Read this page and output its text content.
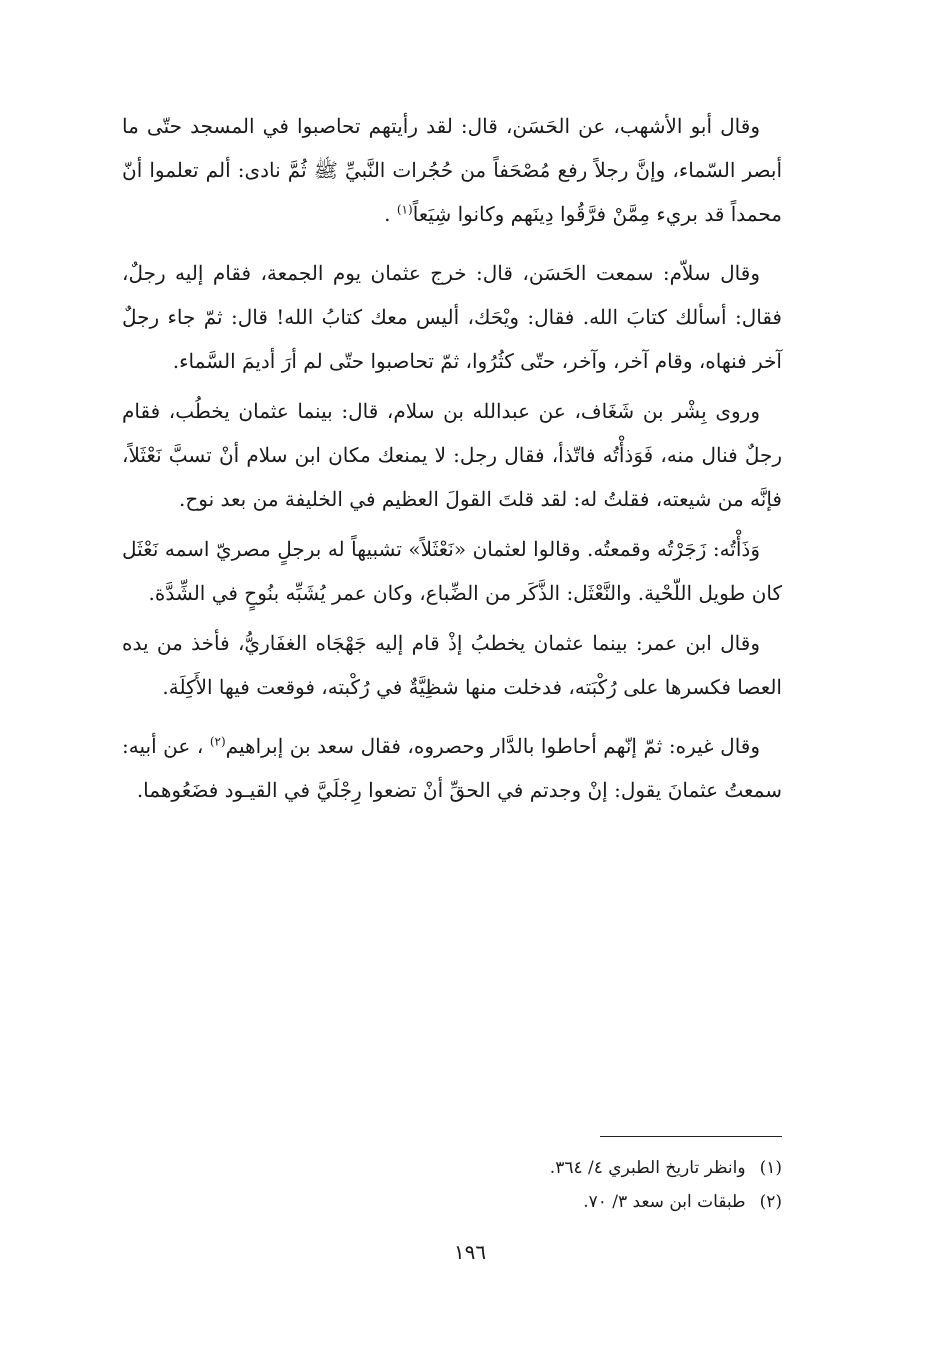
وقال أبو الأشهب، عن الحَسَن، قال: لقد رأيتهم تحاصبوا في المسجد حتّى ما أبصر السّماء، وإنَّ رجلاً رفع مُصْحَفاً من حُجُرات النَّبيِّ ﷺ ثُمَّ نادى: ألم تعلموا أنّ محمداً قد بريء مِمَّنْ فرَّقُوا دِينَهم وكانوا شِيَعاً$^{(١)}$ .

وقال سلاّم: سمعت الحَسَن، قال: خرج عثمان يوم الجمعة، فقام إليه رجلٌ، فقال: أسألك كتابَ الله. فقال: ويْحَك، أليس معك كتابُ الله! قال: ثمّ جاء رجلٌ آخر فنهاه، وقام آخر، وآخر، حتّى كثُرُوا، ثمّ تحاصبوا حتّى لم أرَ أديمَ السَّماء.

وروى بِشْر بن شَغَاف، عن عبدالله بن سلام، قال: بينما عثمان يخطُب، فقام رجلٌ فنال منه، فَوَذأْتُه فاتّذأ، فقال رجل: لا يمنعك مكان ابن سلام أنْ تسبَّ نَعْثَلاً، فإنَّه من شيعته، فقلتُ له: لقد قلتَ القولَ العظيم في الخليفة من بعد نوح.

وَذَأْتُه: زَجَرْتُه وقمعتُه. وقالوا لعثمان «نَعْثَلاً» تشبيهاً له برجلٍ مصريّ اسمه نَعْثَل كان طويل اللّحْية. والنَّعْثَل: الذَّكَر من الضِّباع، وكان عمر يُشَبِّه بنُوحٍ في الشِّدَّة.

وقال ابن عمر: بينما عثمان يخطبُ إذْ قام إليه جَهْجَاه الغفَاريُّ، فأخذ من يده العصا فكسرها على رُكْبَته، فدخلت منها شظِيَّةٌ في رُكْبته، فوقعت فيها الأَكِلَة.

وقال غيره: ثمّ إنّهم أحاطوا بالدَّار وحصروه، فقال سعد بن إبراهيم$^{(٢)}$ ، عن أبيه: سمعتُ عثمانَ يقول: إنْ وجدتم في الحقِّ أنْ تضعوا رِجْلَيَّ في القيـود فضَعُوهما.

(١)وانظر تاريخ الطبري ٤/ ٣٦٤.
(٢)طبقات ابن سعد ٣/ ٧٠.
١٩٦
